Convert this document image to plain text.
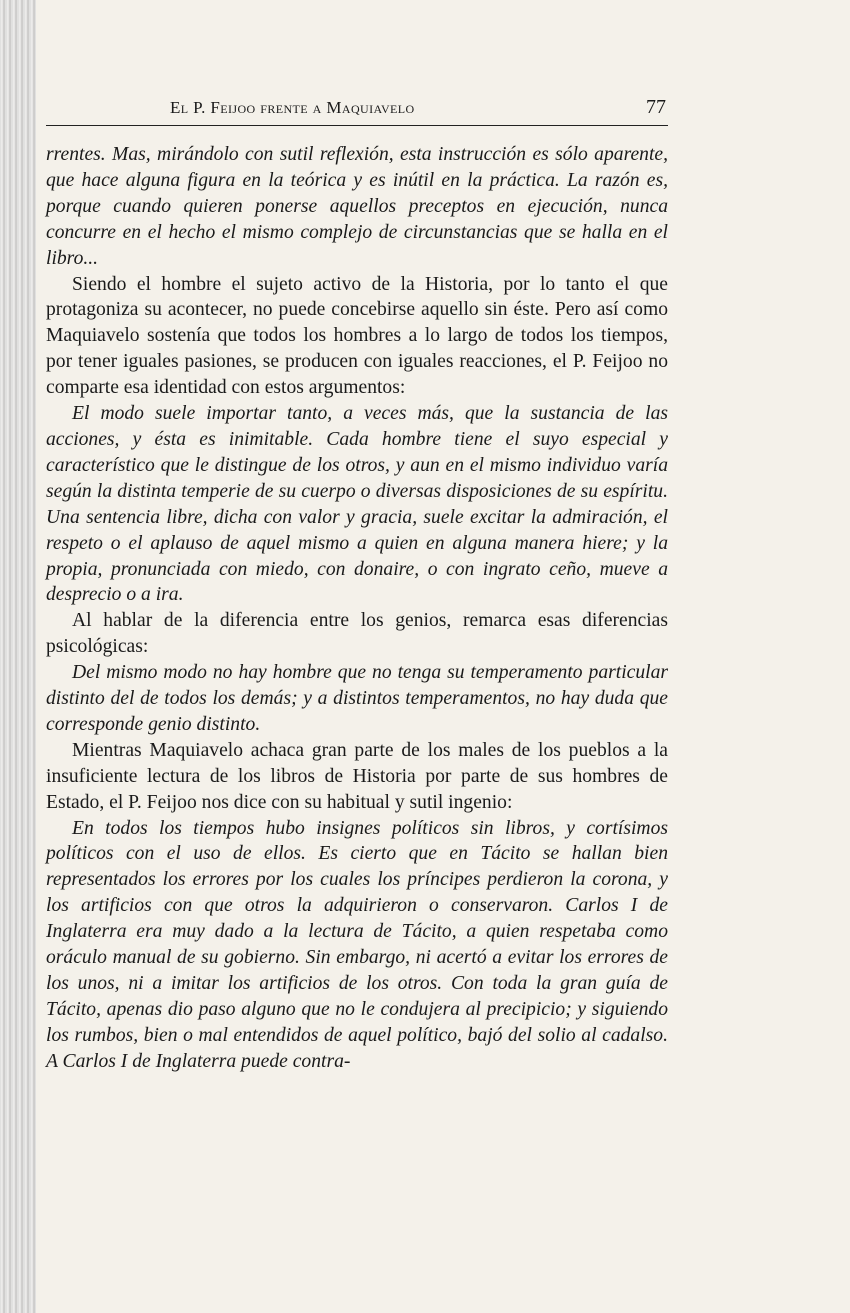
El P. Feijoo frente a Maquiavelo	77

rrentes. Mas, mirándolo con sutil reflexión, esta instrucción es sólo aparente, que hace alguna figura en la teórica y es inútil en la práctica. La razón es, porque cuando quieren ponerse aquellos preceptos en ejecución, nunca concurre en el hecho el mismo complejo de circunstancias que se halla en el libro...

Siendo el hombre el sujeto activo de la Historia, por lo tanto el que protagoniza su acontecer, no puede concebirse aquello sin éste. Pero así como Maquiavelo sostenía que todos los hombres a lo largo de todos los tiempos, por tener iguales pasiones, se producen con iguales reacciones, el P. Feijoo no comparte esa identidad con estos argumentos:

El modo suele importar tanto, a veces más, que la sustancia de las acciones, y ésta es inimitable. Cada hombre tiene el suyo especial y característico que le distingue de los otros, y aun en el mismo individuo varía según la distinta temperie de su cuerpo o diversas disposiciones de su espíritu. Una sentencia libre, dicha con valor y gracia, suele excitar la admiración, el respeto o el aplauso de aquel mismo a quien en alguna manera hiere; y la propia, pronunciada con miedo, con donaire, o con ingrato ceño, mueve a desprecio o a ira.

Al hablar de la diferencia entre los genios, remarca esas diferencias psicológicas:

Del mismo modo no hay hombre que no tenga su temperamento particular distinto del de todos los demás; y a distintos temperamentos, no hay duda que corresponde genio distinto.

Mientras Maquiavelo achaca gran parte de los males de los pueblos a la insuficiente lectura de los libros de Historia por parte de sus hombres de Estado, el P. Feijoo nos dice con su habitual y sutil ingenio:

En todos los tiempos hubo insignes políticos sin libros, y cortísimos políticos con el uso de ellos. Es cierto que en Tácito se hallan bien representados los errores por los cuales los príncipes perdieron la corona, y los artificios con que otros la adquirieron o conservaron. Carlos I de Inglaterra era muy dado a la lectura de Tácito, a quien respetaba como oráculo manual de su gobierno. Sin embargo, ni acertó a evitar los errores de los unos, ni a imitar los artificios de los otros. Con toda la gran guía de Tácito, apenas dio paso alguno que no le condujera al precipicio; y siguiendo los rumbos, bien o mal entendidos de aquel político, bajó del solio al cadalso. A Carlos I de Inglaterra puede contra-
